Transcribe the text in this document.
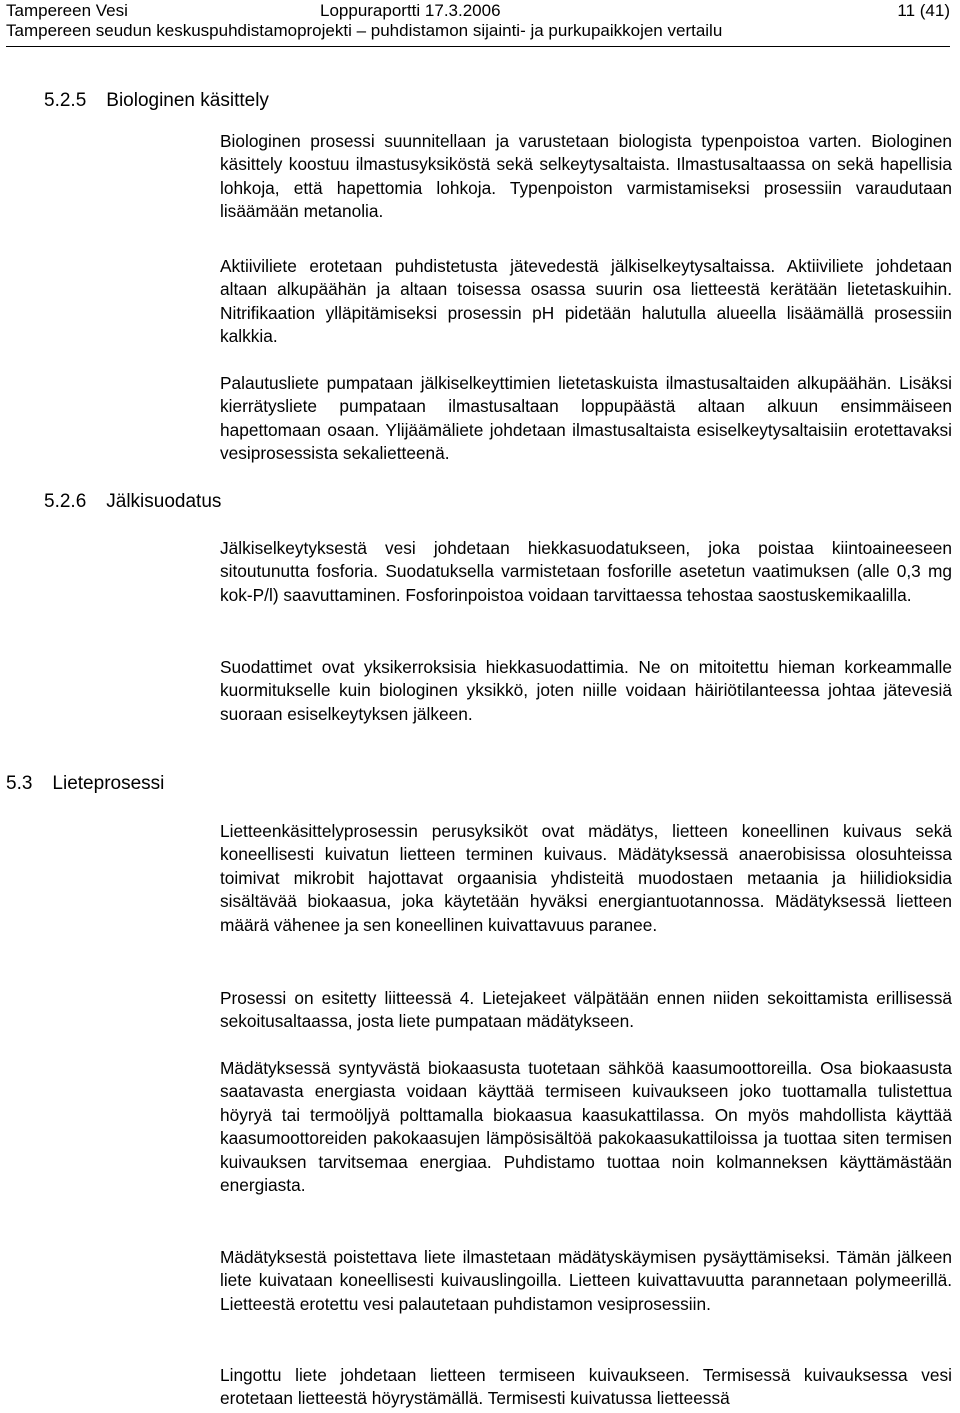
Tampereen Vesi	Loppuraportti 17.3.2006	11 (41)
Tampereen seudun keskuspuhdistamoprojekti – puhdistamon sijainti- ja purkupaikkojen vertailu
5.2.5 Biologinen käsittely

Biologinen prosessi suunnitellaan ja varustetaan biologista typenpoistoa varten. Biologinen käsittely koostuu ilmastusyksiköstä sekä selkeytysaltaista. Ilmastusaltaassa on sekä hapellisia lohkoja, että hapettomia lohkoja. Typenpoiston varmistamiseksi prosessiin varaudutaan lisäämään metanolia.

Aktiiviliete erotetaan puhdistetusta jätevedestä jälkiselkeytysaltaissa. Aktiiviliete johdetaan altaan alkupäähän ja altaan toisessa osassa suurin osa lietteestä kerätään lietetaskuihin. Nitrifikaation ylläpitämiseksi prosessin pH pidetään halutulla alueella lisäämällä prosessiin kalkkia.

Palautusliete pumpataan jälkiselkeyttimien lietetaskuista ilmastusaltaiden alkupäähän. Lisäksi kierrätysliete pumpataan ilmastusaltaan loppupäästä altaan alkuun ensimmäiseen hapettomaan osaan. Ylijäämäliete johdetaan ilmastusaltaista esiselkeytysaltaisiin erotettavaksi vesiprosessista sekalietteenä.

5.2.6 Jälkisuodatus

Jälkiselkeytyksestä vesi johdetaan hiekkasuodatukseen, joka poistaa kiintoaineeseen sitoutunutta fosforia. Suodatuksella varmistetaan fosforille asetetun vaatimuksen (alle 0,3 mg kok-P/l) saavuttaminen. Fosforinpoistoa voidaan tarvittaessa tehostaa saostuskemikaalilla.

Suodattimet ovat yksikerroksisia hiekkasuodattimia. Ne on mitoitettu hieman korkeammalle kuormitukselle kuin biologinen yksikkö, joten niille voidaan häiriötilanteessa johtaa jätevesiä suoraan esiselkeytyksen jälkeen.

5.3 Lieteprosessi

Lietteenkäsittelyprosessin perusyksiköt ovat mädätys, lietteen koneellinen kuivaus sekä koneellisesti kuivatun lietteen terminen kuivaus. Mädätyksessä anaerobisissa olosuhteissa toimivat mikrobit hajottavat orgaanisia yhdisteitä muodostaen metaania ja hiilidioksidia sisältävää biokaasua, joka käytetään hyväksi energiantuotannossa. Mädätyksessä lietteen määrä vähenee ja sen koneellinen kuivattavuus paranee.

Prosessi on esitetty liitteessä 4. Lietejakeet välpätään ennen niiden sekoittamista erillisessä sekoitusaltaassa, josta liete pumpataan mädätykseen.

Mädätyksessä syntyvästä biokaasusta tuotetaan sähköä kaasumoottoreilla. Osa biokaasusta saatavasta energiasta voidaan käyttää termiseen kuivaukseen joko tuottamalla tulistettua höyryä tai termoöljyä polttamalla biokaasua kaasukattilassa. On myös mahdollista käyttää kaasumoottoreiden pakokaasujen lämpösisältöä pakokaasukattiloissa ja tuottaa siten termisen kuivauksen tarvitsemaa energiaa. Puhdistamo tuottaa noin kolmanneksen käyttämästään energiasta.

Mädätyksestä poistettava liete ilmastetaan mädätyskäymisen pysäyttämiseksi. Tämän jälkeen liete kuivataan koneellisesti kuivauslingoilla. Lietteen kuivattavuutta parannetaan polymeerillä. Lietteestä erotettu vesi palautetaan puhdistamon vesiprosessiin.

Lingottu liete johdetaan lietteen termiseen kuivaukseen. Termisessä kuivauksessa vesi erotetaan lietteestä höyrystämällä. Termisesti kuivatussa lietteessä
